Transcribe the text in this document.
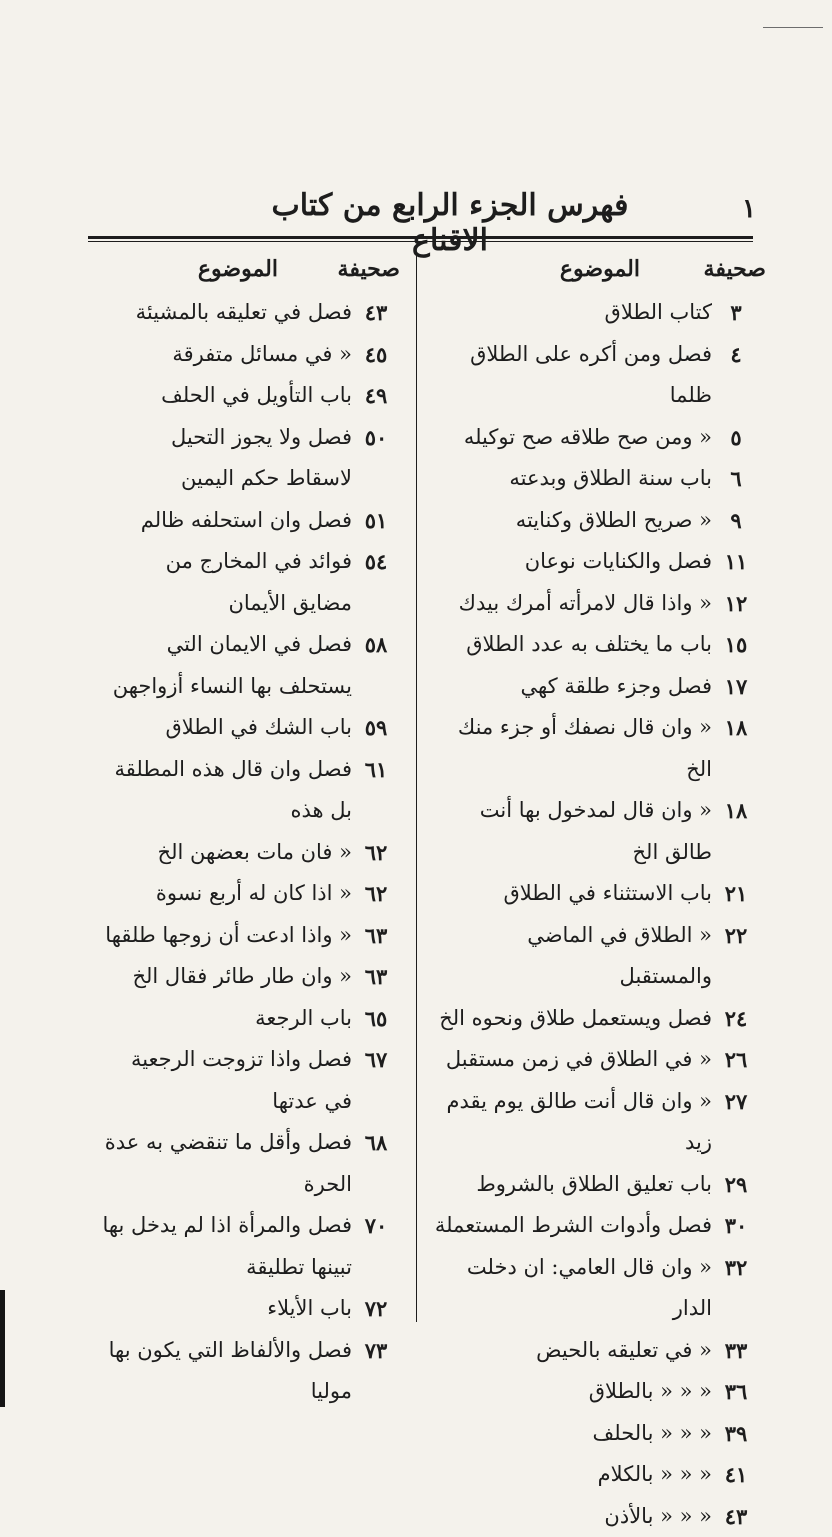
١
فهرس الجزء الرابع من كتاب
صحيفة
الموضوع
٣
كتاب الطلاق
٤
فصل ومن أكره على الطلاق ظلما
٥
« ومن صح طلاقه صح توكيله
٦
باب سنة الطلاق وبدعته
٩
« صريح الطلاق وكنايته
١١
فصل والكنايات نوعان
١٢
« واذا قال لامرأته أمرك بيدك
١٥
باب ما يختلف به عدد الطلاق
١٧
فصل وجزء طلقة كهي
١٨
« وان قال نصفك أو جزء منك الخ
١٨
« وان قال لمدخول بها أنت طالق الخ
٢١
باب الاستثناء في الطلاق
٢٢
« الطلاق في الماضي والمستقبل
٢٤
فصل ويستعمل طلاق ونحوه الخ
٢٦
« في الطلاق في زمن مستقبل
٢٧
« وان قال أنت طالق يوم يقدم زيد
٢٩
باب تعليق الطلاق بالشروط
٣٠
فصل وأدوات الشرط المستعملة
٣٢
« وان قال العامي: ان دخلت الدار
٣٣
« في تعليقه بالحيض
٣٦
« « « بالطلاق
٣٩
« « « بالحلف
٤١
« « « بالكلام
٤٣
« « « بالأذن
صحيفة
الموضوع
٤٣
فصل في تعليقه بالمشيئة
٤٥
« في مسائل متفرقة
٤٩
باب التأويل في الحلف
٥٠
فصل ولا يجوز التحيل لاسقاط حكم اليمين
٥١
فصل وان استحلفه ظالم
٥٤
فوائد في المخارج من مضايق الأيمان
٥٨
فصل في الايمان التي يستحلف بها النساء أزواجهن
٥٩
باب الشك في الطلاق
٦١
فصل وان قال هذه المطلقة بل هذه
٦٢
« فان مات بعضهن الخ
٦٢
« اذا كان له أربع نسوة
٦٣
« واذا ادعت أن زوجها طلقها
٦٣
« وان طار طائر فقال الخ
٦٥
باب الرجعة
٦٧
فصل واذا تزوجت الرجعية في عدتها
٦٨
فصل وأقل ما تنقضي به عدة الحرة
٧٠
فصل والمرأة اذا لم يدخل بها تبينها تطليقة
٧٢
باب الأيلاء
٧٣
فصل والألفاظ التي يكون بها موليا
